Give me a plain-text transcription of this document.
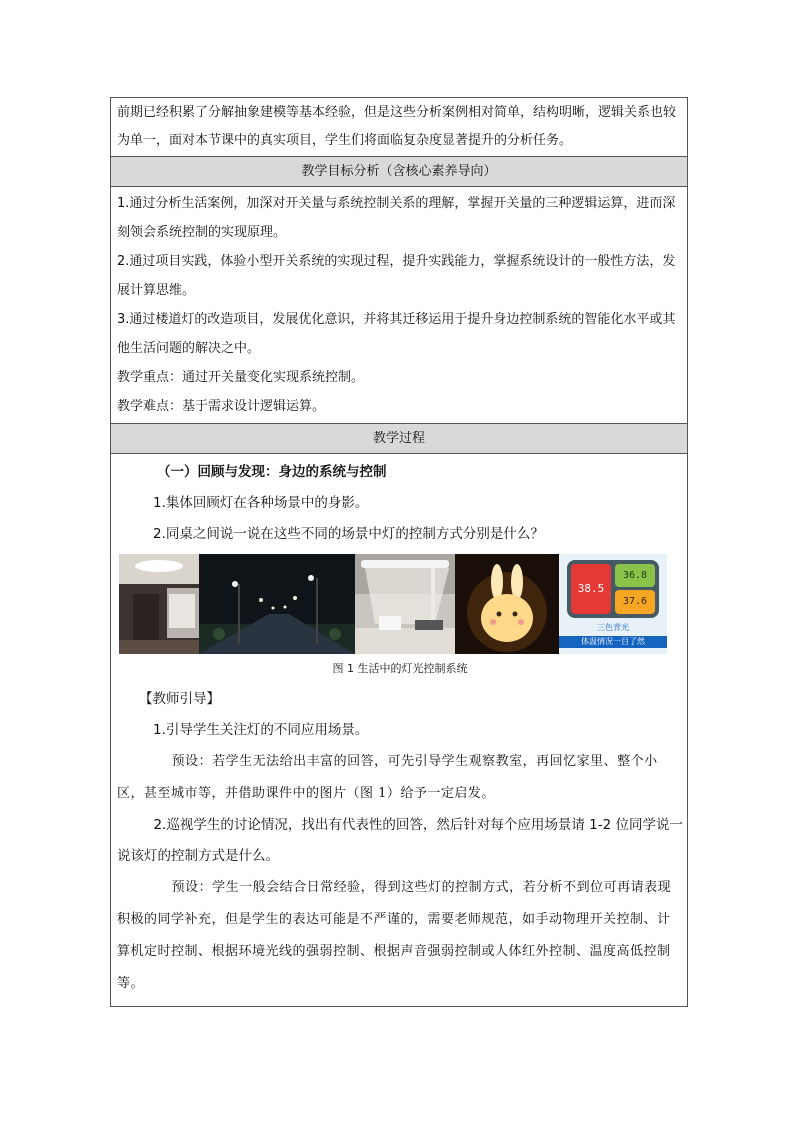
前期已经积累了分解抽象建模等基本经验，但是这些分析案例相对简单，结构明晰，逻辑关系也较为单一，面对本节课中的真实项目，学生们将面临复杂度显著提升的分析任务。

教学目标分析（含核心素养导向）

1.通过分析生活案例，加深对开关量与系统控制关系的理解，掌握开关量的三种逻辑运算，进而深刻领会系统控制的实现原理。

2.通过项目实践，体验小型开关系统的实现过程，提升实践能力，掌握系统设计的一般性方法，发展计算思维。

3.通过楼道灯的改造项目，发展优化意识，并将其迁移运用于提升身边控制系统的智能化水平或其他生活问题的解决之中。

教学重点：通过开关量变化实现系统控制。

教学难点：基于需求设计逻辑运算。

教学过程

（一）回顾与发现：身边的系统与控制
1.集体回顾灯在各种场景中的身影。
2.同桌之间说一说在这些不同的场景中灯的控制方式分别是什么？
38.5
36.8
37.6
三色背光
体温情况一目了然
图 1 生活中的灯光控制系统
【教师引导】
1.引导学生关注灯的不同应用场景。

预设：若学生无法给出丰富的回答，可先引导学生观察教室，再回忆家里、整个小区，甚至城市等，并借助课件中的图片（图 1）给予一定启发。

2.巡视学生的讨论情况，找出有代表性的回答，然后针对每个应用场景请 1-2 位同学说一说该灯的控制方式是什么。

预设：学生一般会结合日常经验，得到这些灯的控制方式，若分析不到位可再请表现积极的同学补充，但是学生的表达可能是不严谨的，需要老师规范，如手动物理开关控制、计算机定时控制、根据环境光线的强弱控制、根据声音强弱控制或人体红外控制、温度高低控制等。
